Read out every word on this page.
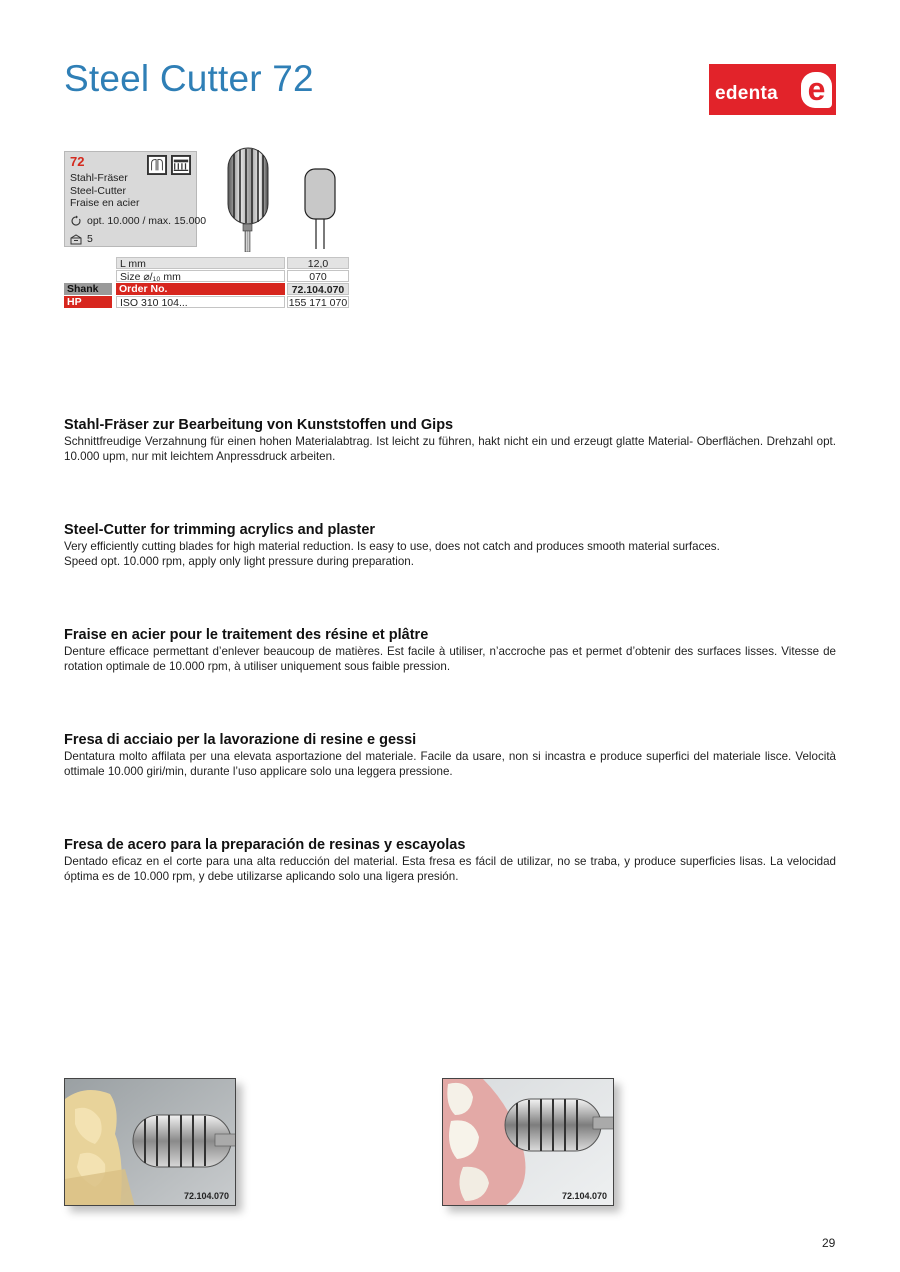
Steel Cutter 72	edenta e
72
Stahl-Fräser
Steel-Cutter
Fraise en acier
opt. 10.000 / max. 15.000
5
L mm	12,0
Size ⌀/₁₀ mm	070
Shank	Order No.	72.104.070
HP	ISO 310 104...	155 171 070
Stahl-Fräser zur Bearbeitung von Kunststoffen und Gips

Schnittfreudige Verzahnung für einen hohen Materialabtrag. Ist leicht zu führen, hakt nicht ein und erzeugt glatte Material- Oberflächen. Drehzahl opt. 10.000 upm, nur mit leichtem Anpressdruck arbeiten.

Steel-Cutter for trimming acrylics and plaster

Very efficiently cutting blades for high material reduction. Is easy to use, does not catch and produces smooth material surfaces.
Speed opt. 10.000 rpm, apply only light pressure during preparation.

Fraise en acier pour le traitement des résine et plâtre

Denture efficace permettant d’enlever beaucoup de matières. Est facile à utiliser, n’accroche pas et permet d’obtenir des surfaces lisses. Vitesse de rotation optimale de 10.000 rpm, à utiliser uniquement sous faible pression.

Fresa di acciaio per la lavorazione di resine e gessi

Dentatura molto affilata per una elevata asportazione del materiale. Facile da usare, non si incastra e produce superfici del materiale lisce. Velocità ottimale 10.000 giri/min, durante l’uso applicare solo una leggera pressione.

Fresa de acero para la preparación de resinas y escayolas

Dentado eficaz en el corte para una alta reducción del material. Esta fresa es fácil de utilizar, no se traba, y produce superficies lisas. La velocidad óptima es de 10.000 rpm, y debe utilizarse aplicando solo una ligera presión.

72.104.070	72.104.070
29
